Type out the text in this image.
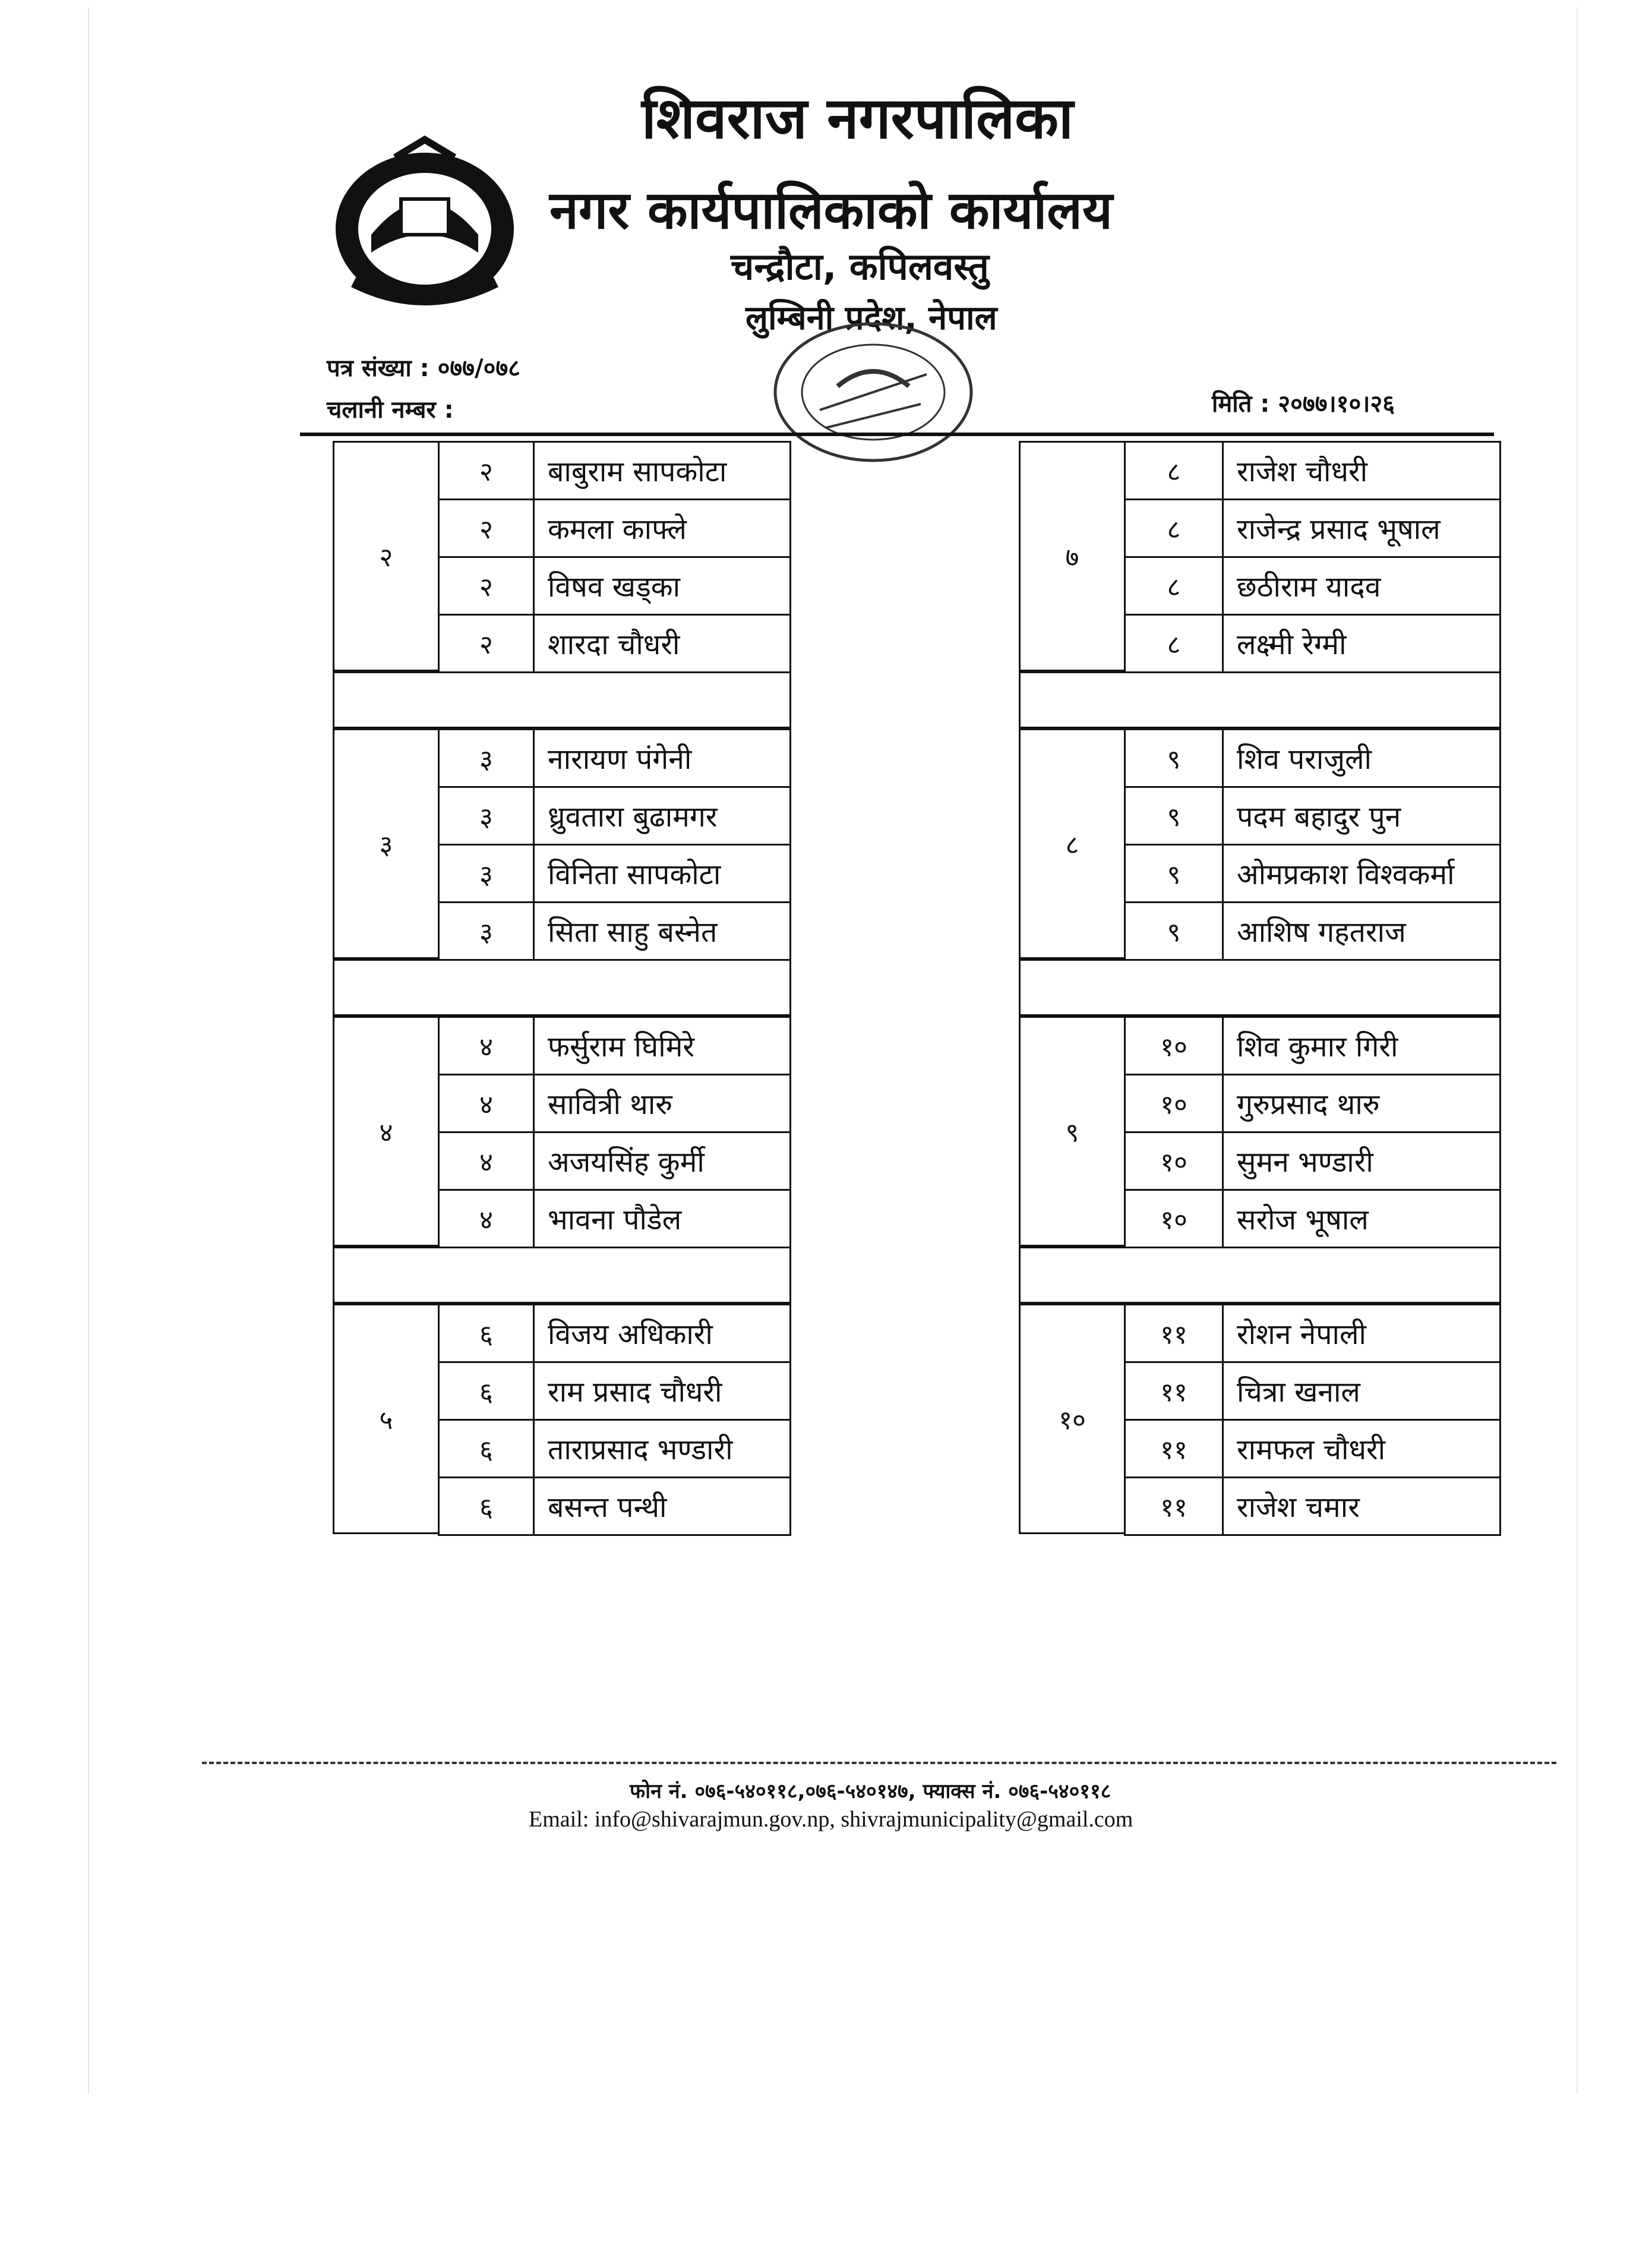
शिवराज नगरपालिका
नगर कार्यपालिकाको कार्यालय
चन्द्रौटा, कपिलवस्तु
लुम्बिनी प्रदेश, नेपाल
पत्र संख्या : ०७७/०७८
चलानी नम्बर :	मिति : २०७७।१०।२६
२
२	बाबुराम सापकोटा
२	कमला काफ्ले
२	विषव खड्का
२	शारदा चौधरी
३
३	नारायण पंगेनी
३	ध्रुवतारा बुढामगर
३	विनिता सापकोटा
३	सिता साहु बस्नेत
४
४	फर्सुराम घिमिरे
४	सावित्री थारु
४	अजयसिंह कुर्मी
४	भावना पौडेल
५
६	विजय अधिकारी
६	राम प्रसाद चौधरी
६	ताराप्रसाद भण्डारी
६	बसन्त पन्थी
७
८	राजेश चौधरी
८	राजेन्द्र प्रसाद भूषाल
८	छठीराम यादव
८	लक्ष्मी रेग्मी
८
९	शिव पराजुली
९	पदम बहादुर पुन
९	ओमप्रकाश विश्वकर्मा
९	आशिष गहतराज
९
१०	शिव कुमार गिरी
१०	गुरुप्रसाद थारु
१०	सुमन भण्डारी
१०	सरोज भूषाल
१०
११	रोशन नेपाली
११	चित्रा खनाल
११	रामफल चौधरी
११	राजेश चमार
फोन नं. ०७६-५४०११८,०७६-५४०१४७, फ्याक्स नं. ०७६-५४०११८
Email: info@shivarajmun.gov.np, shivrajmunicipality@gmail.com
